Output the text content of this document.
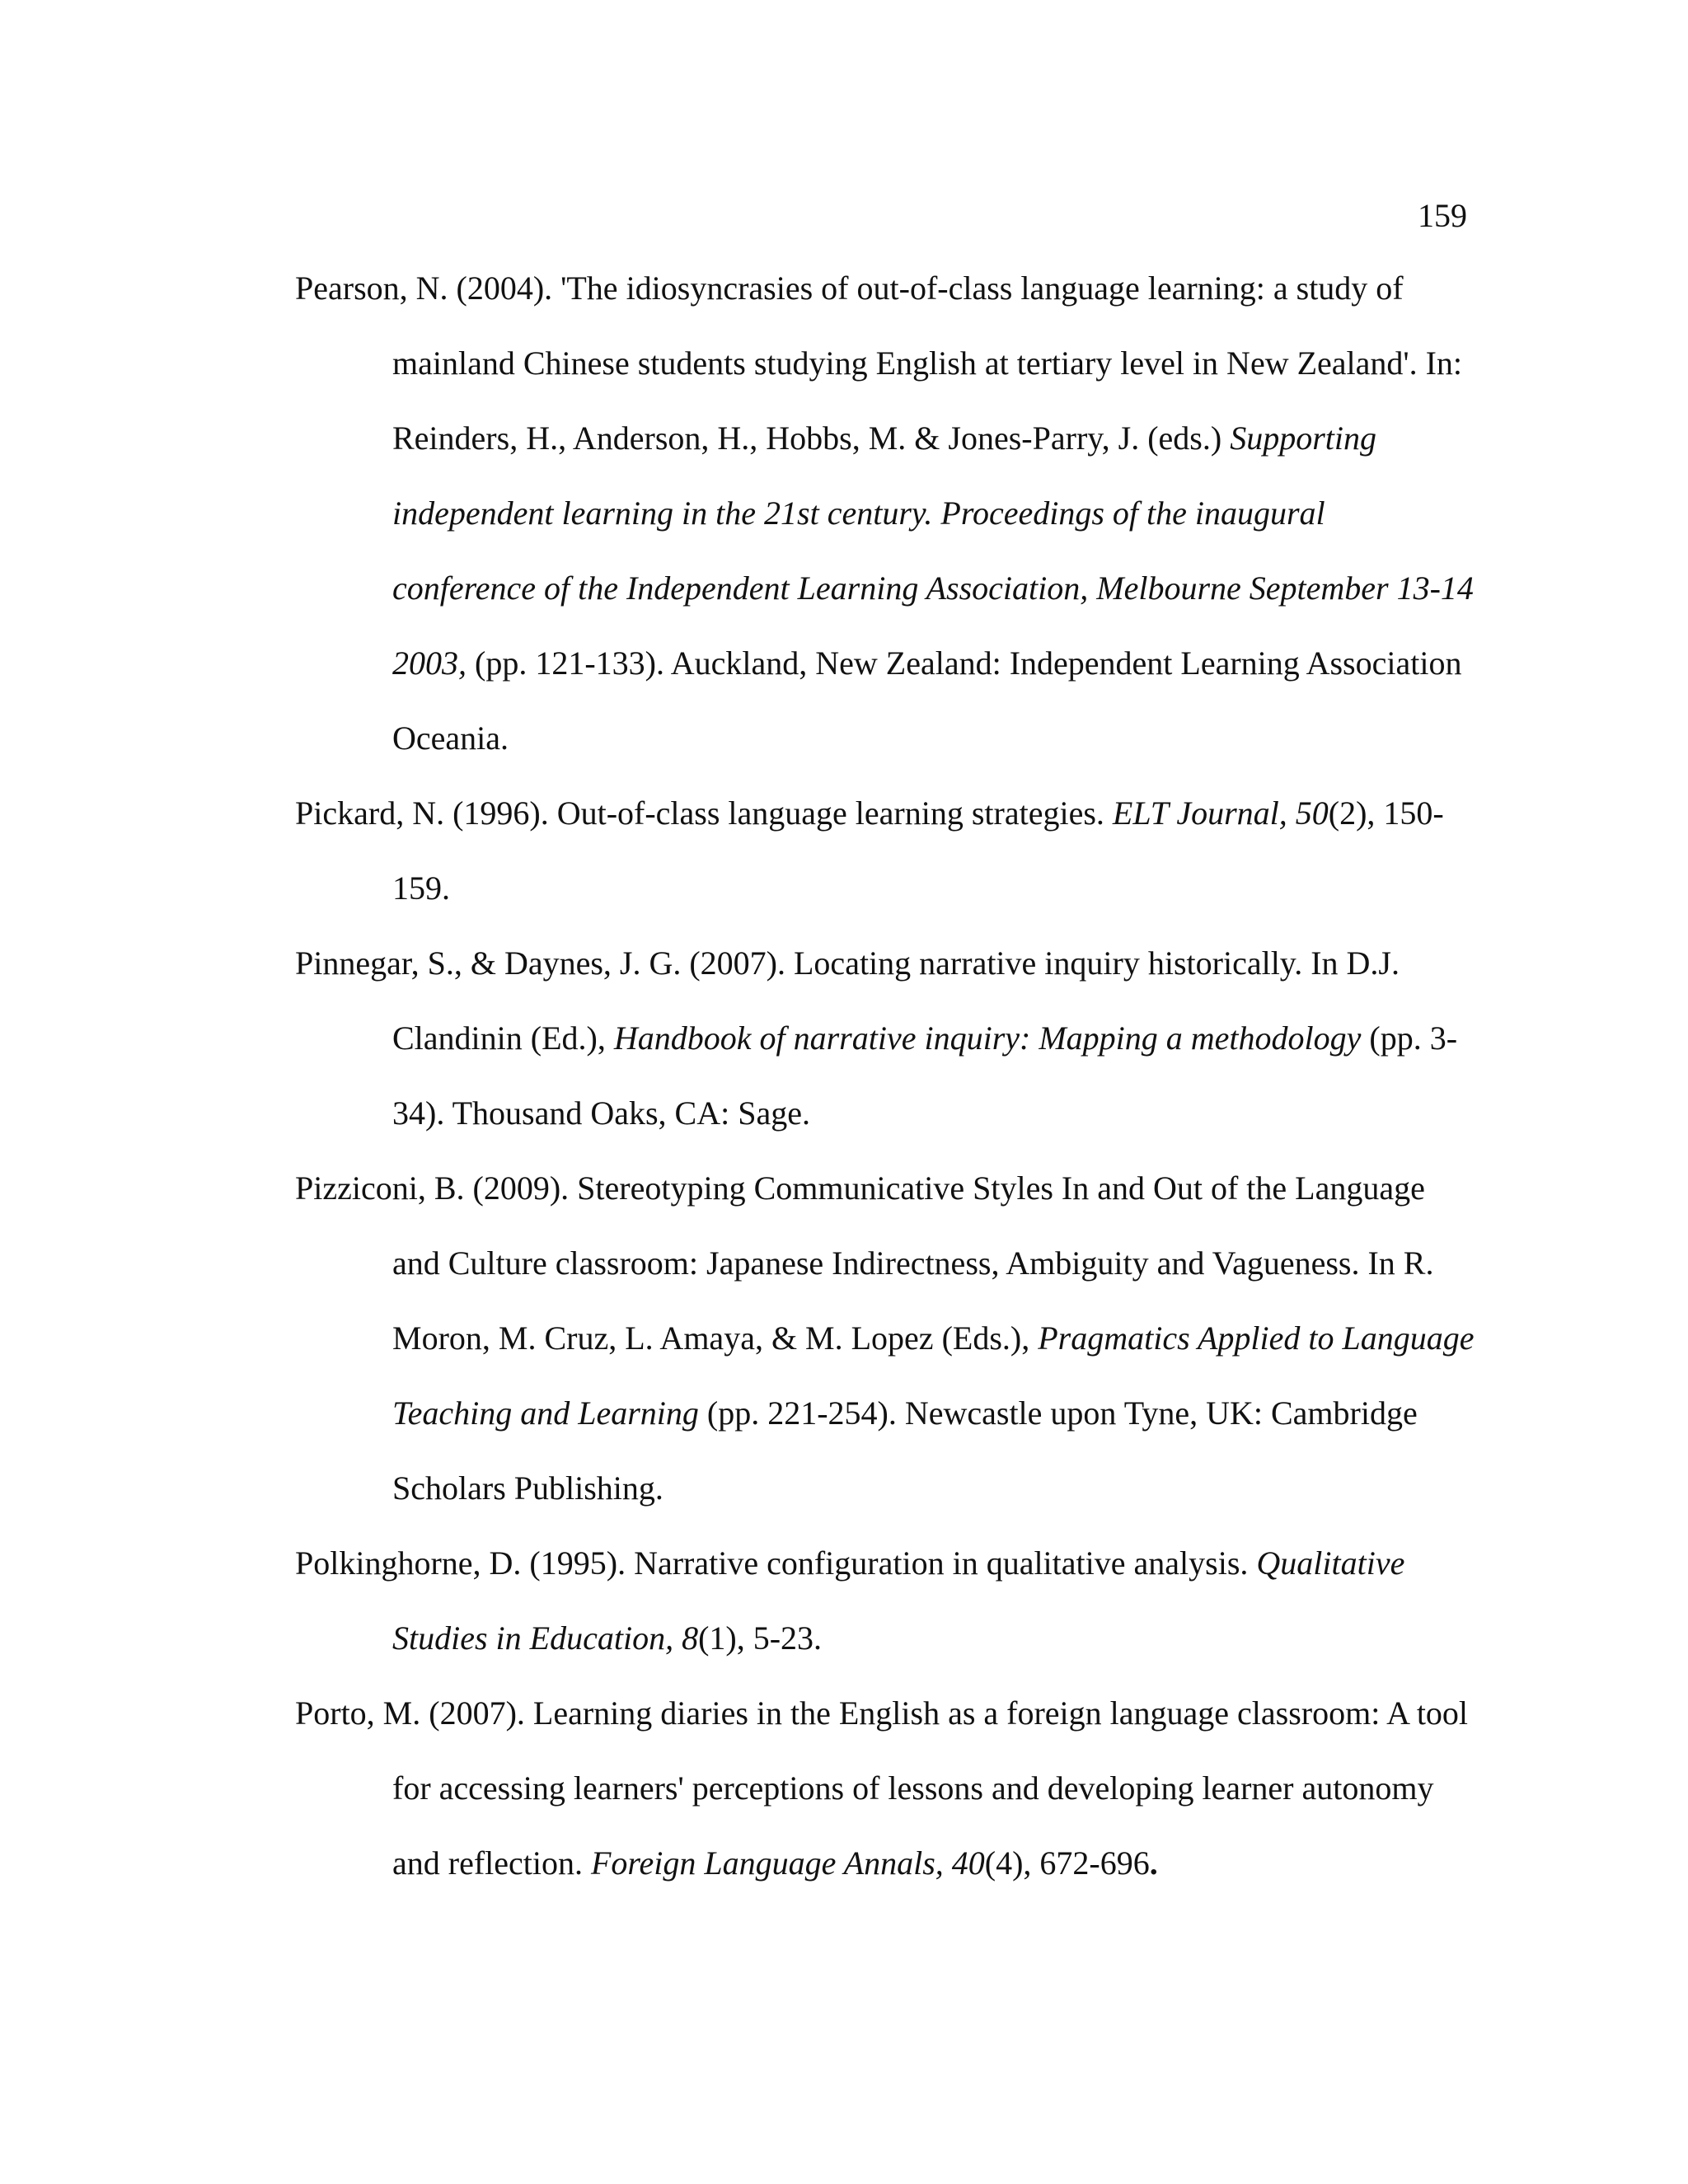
159

Pearson, N. (2004). 'The idiosyncrasies of out-of-class language learning: a study of mainland Chinese students studying English at tertiary level in New Zealand'. In: Reinders, H., Anderson, H., Hobbs, M. & Jones-Parry, J. (eds.) Supporting independent learning in the 21st century. Proceedings of the inaugural conference of the Independent Learning Association, Melbourne September 13-14 2003, (pp. 121-133). Auckland, New Zealand: Independent Learning Association Oceania.

Pickard, N. (1996). Out-of-class language learning strategies. ELT Journal, 50(2), 150-159.

Pinnegar, S., & Daynes, J. G. (2007). Locating narrative inquiry historically. In D.J. Clandinin (Ed.), Handbook of narrative inquiry: Mapping a methodology (pp. 3-34). Thousand Oaks, CA: Sage.

Pizziconi, B. (2009). Stereotyping Communicative Styles In and Out of the Language and Culture classroom: Japanese Indirectness, Ambiguity and Vagueness. In R. Moron, M. Cruz, L. Amaya, & M. Lopez (Eds.), Pragmatics Applied to Language Teaching and Learning (pp. 221-254). Newcastle upon Tyne, UK: Cambridge Scholars Publishing.

Polkinghorne, D. (1995). Narrative configuration in qualitative analysis. Qualitative Studies in Education, 8(1), 5-23.

Porto, M. (2007). Learning diaries in the English as a foreign language classroom: A tool for accessing learners' perceptions of lessons and developing learner autonomy and reflection. Foreign Language Annals, 40(4), 672-696.
